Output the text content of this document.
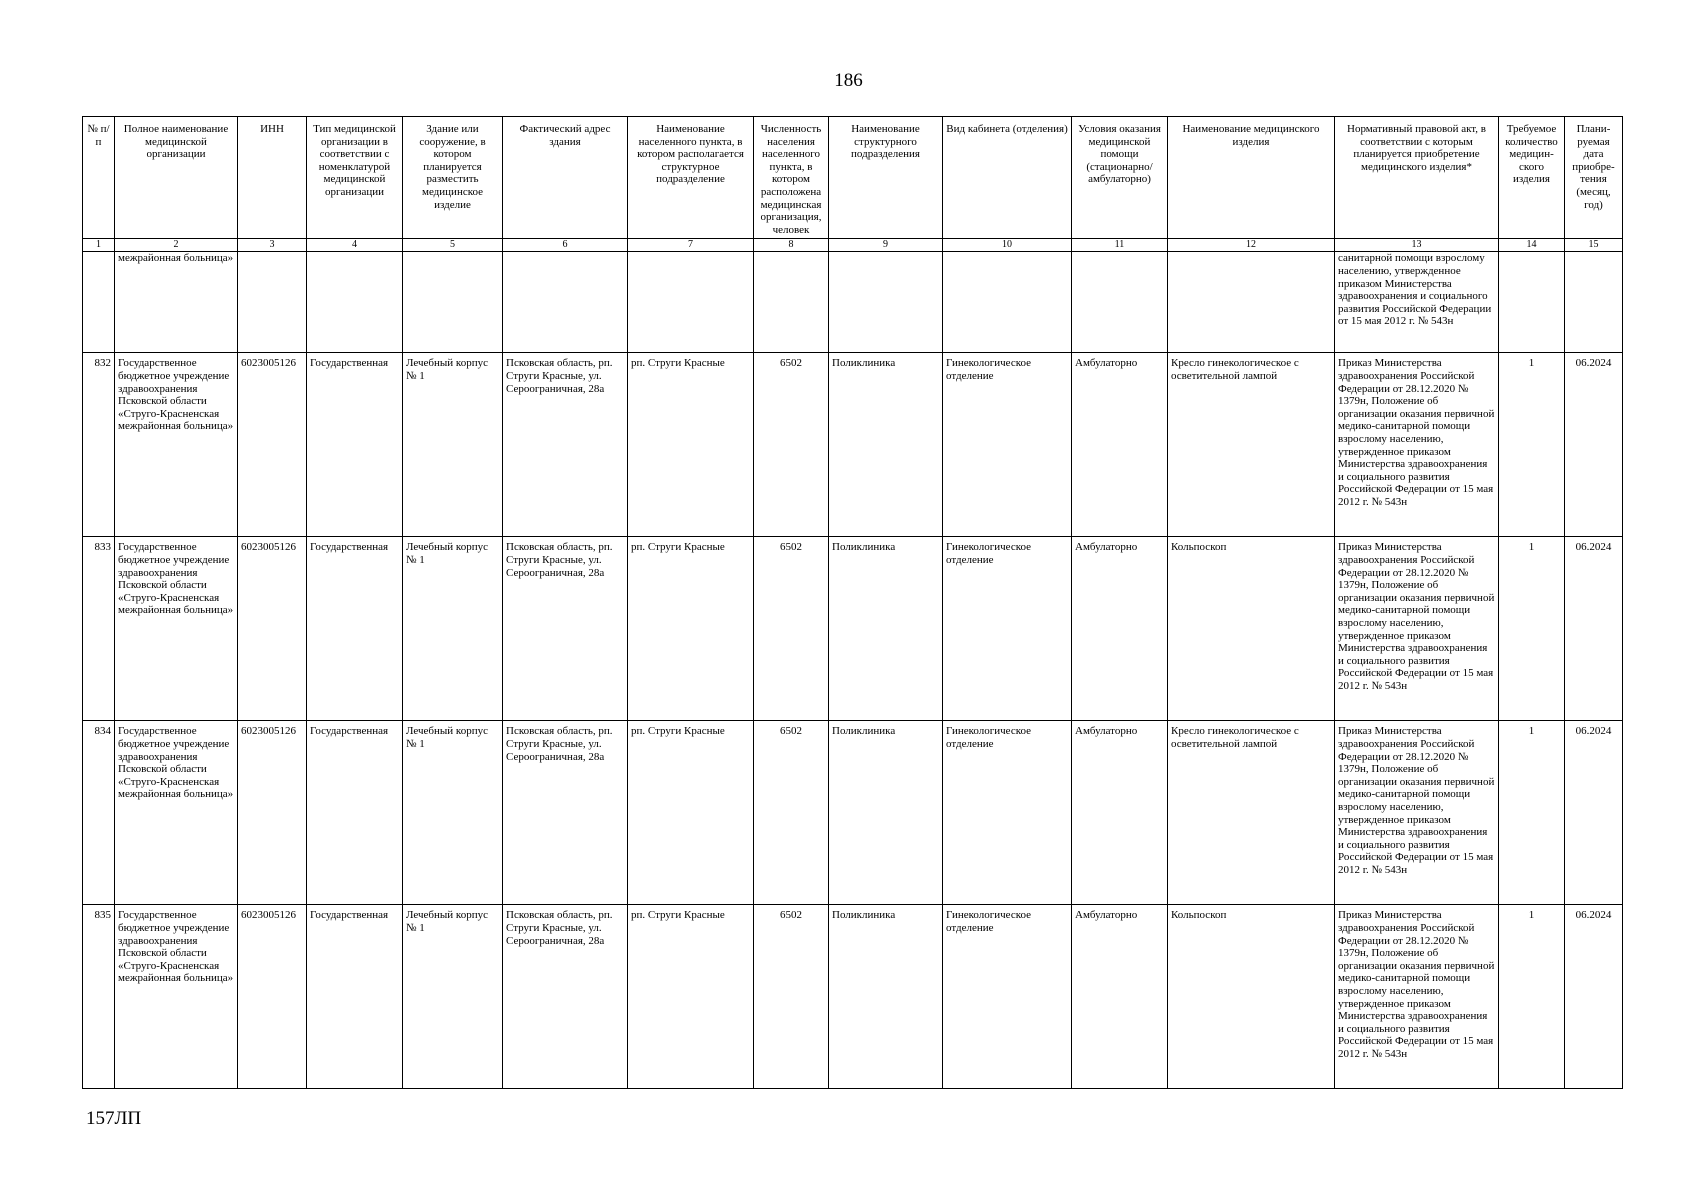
186
№ п/п	Полное наименование медицинской организации	ИНН	Тип медицинской организации в соответствии с номенклатурой медицинской организации	Здание или сооружение, в котором планируется разместить медицинское изделие	Фактический адрес здания	Наименование населенного пункта, в котором располагается структурное подразделение	Численность населения населенного пункта, в котором расположена медицинская организация, человек	Наименование структурного подразделения	Вид кабинета (отделения)	Условия оказания медицинской помощи (стационарно/ амбулаторно)	Наименование медицинского изделия	Нормативный правовой акт, в соответствии с которым планируется приобретение медицинского изделия*	Требуемое количество медицин-ского изделия	Плани-руемая дата приобре-тения (месяц, год)
1	2	3	4	5	6	7	8	9	10	11	12	13	14	15
	межрайонная больница»											санитарной помощи взрослому населению, утвержденное приказом Министерства здравоохранения и социального развития Российской Федерации от 15 мая 2012 г. № 543н		
832	Государственное бюджетное учреждение здравоохранения Псковской области «Струго-Красненская межрайонная больница»	6023005126	Государственная	Лечебный корпус № 1	Псковская область, рп. Струги Красные, ул. Сероограничная, 28а	рп. Струги Красные	6502	Поликлиника	Гинекологическое отделение	Амбулаторно	Кресло гинекологическое с осветительной лампой	Приказ Министерства здравоохранения Российской Федерации от 28.12.2020 № 1379н, Положение об организации оказания первичной медико-санитарной помощи взрослому населению, утвержденное приказом Министерства здравоохранения и социального развития Российской Федерации от 15 мая 2012 г. № 543н	1	06.2024
833	Государственное бюджетное учреждение здравоохранения Псковской области «Струго-Красненская межрайонная больница»	6023005126	Государственная	Лечебный корпус № 1	Псковская область, рп. Струги Красные, ул. Сероограничная, 28а	рп. Струги Красные	6502	Поликлиника	Гинекологическое отделение	Амбулаторно	Кольпоскоп	Приказ Министерства здравоохранения Российской Федерации от 28.12.2020 № 1379н, Положение об организации оказания первичной медико-санитарной помощи взрослому населению, утвержденное приказом Министерства здравоохранения и социального развития Российской Федерации от 15 мая 2012 г. № 543н	1	06.2024
834	Государственное бюджетное учреждение здравоохранения Псковской области «Струго-Красненская межрайонная больница»	6023005126	Государственная	Лечебный корпус № 1	Псковская область, рп. Струги Красные, ул. Сероограничная, 28а	рп. Струги Красные	6502	Поликлиника	Гинекологическое отделение	Амбулаторно	Кресло гинекологическое с осветительной лампой	Приказ Министерства здравоохранения Российской Федерации от 28.12.2020 № 1379н, Положение об организации оказания первичной медико-санитарной помощи взрослому населению, утвержденное приказом Министерства здравоохранения и социального развития Российской Федерации от 15 мая 2012 г. № 543н	1	06.2024
835	Государственное бюджетное учреждение здравоохранения Псковской области «Струго-Красненская межрайонная больница»	6023005126	Государственная	Лечебный корпус № 1	Псковская область, рп. Струги Красные, ул. Сероограничная, 28а	рп. Струги Красные	6502	Поликлиника	Гинекологическое отделение	Амбулаторно	Кольпоскоп	Приказ Министерства здравоохранения Российской Федерации от 28.12.2020 № 1379н, Положение об организации оказания первичной медико-санитарной помощи взрослому населению, утвержденное приказом Министерства здравоохранения и социального развития Российской Федерации от 15 мая 2012 г. № 543н	1	06.2024
157ЛП
